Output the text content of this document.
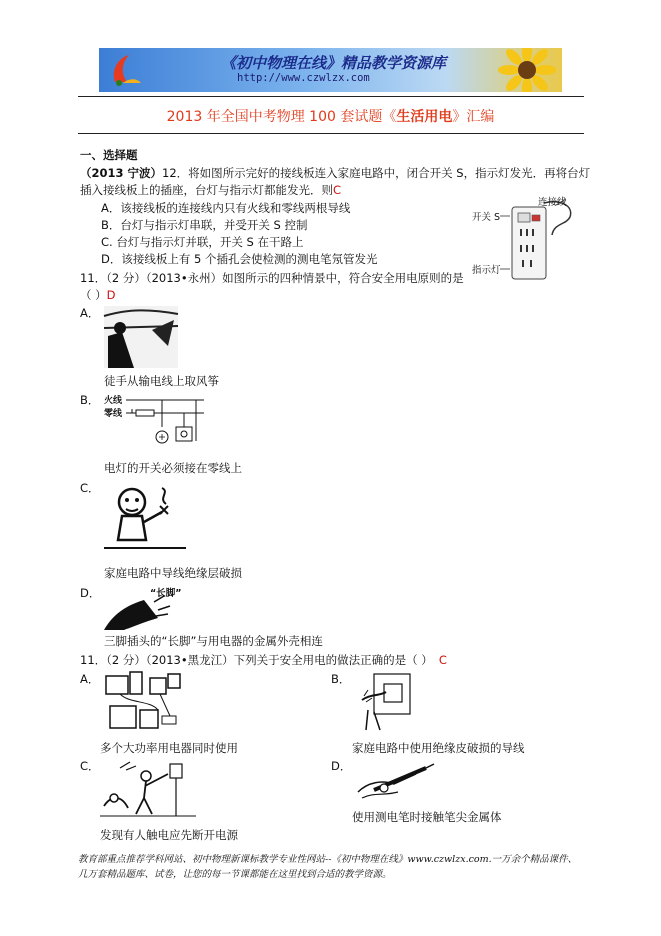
《初中物理在线》精品教学资源库
http://www.czwlzx.com
2013 年全国中考物理 100 套试题《生活用电》汇编
一、选择题
（2013 宁波）12．将如图所示完好的接线板连入家庭电路中，闭合开关 S，指示灯发光．再将台灯
插入接线板上的插座，台灯与指示灯都能发光．则C
A．该接线板的连接线内只有火线和零线两根导线
B．台灯与指示灯串联，并受开关 S 控制
C. 台灯与指示灯并联，开关 S 在干路上
D．该接线板上有 5 个插孔会使检测的测电笔氖管发光
连接线
开关 S
指示灯
11．（2 分）（2013•永州）如图所示的四种情景中，符合安全用电原则的是
（ ）D
A．
徒手从输电线上取风筝
B． 火线
零线
电灯的开关必须接在零线上
C．
家庭电路中导线绝缘层破损
D．	“长脚”
三脚插头的“长脚”与用电器的金属外壳相连
11．（2 分）（2013•黑龙江）下列关于安全用电的做法正确的是（ ） C
A．
多个大功率用电器同时使用
B．
家庭电路中使用绝缘皮破损的导线
C．
发现有人触电应先断开电源
D．
使用测电笔时接触笔尖金属体
教育部重点推荐学科网站、初中物理新课标教学专业性网站--《初中物理在线》www.czwlzx.com.一万余个精品课件、
几万套精品题库、试卷，让您的每一节课都能在这里找到合适的教学资源。
